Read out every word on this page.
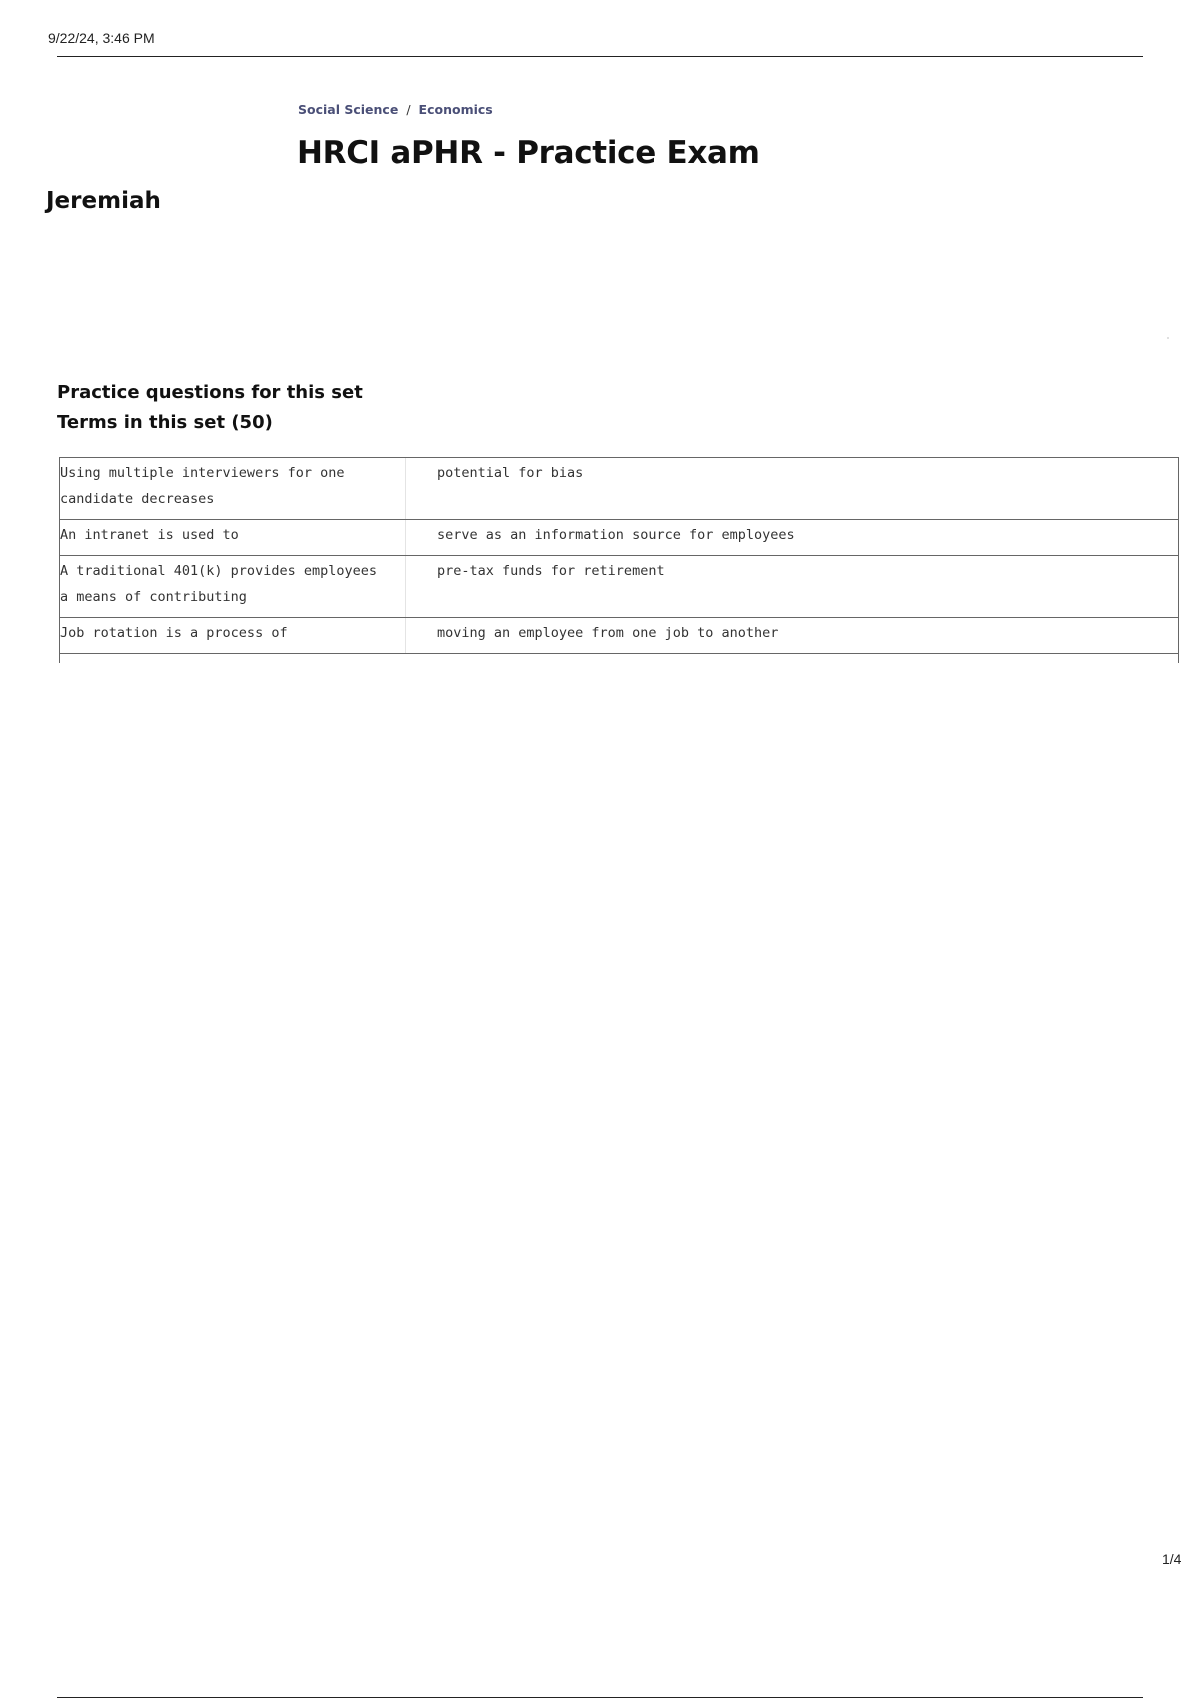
9/22/24, 3:46 PM
Social Science / Economics
HRCI aPHR - Practice Exam
Jeremiah
Practice questions for this set
Terms in this set (50)
Using multiple interviewers for one candidate decreases
potential for bias
An intranet is used to	serve as an information source for employees
A traditional 401(k) provides employees a means of contributing
pre-tax funds for retirement
Job rotation is a process of	moving an employee from one job to another
1/4
